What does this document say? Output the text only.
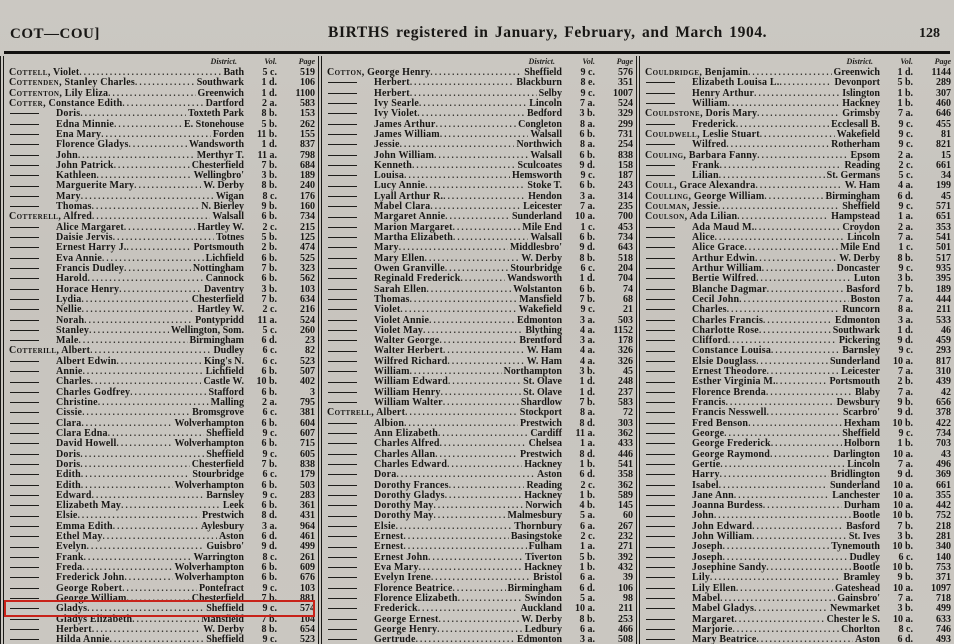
COT—COU]	BIRTHS registered in January, February, and March 1904.	128
District.	Vol.	Page
Cottell, Violet .....	Bath	5 c.	519
Cottenden, Stanley Charles .....	Southwark	1 d.	106
Cottenton, Lily Eliza .....	Greenwich	1 d.	1100
Cotter, Constance Edith .....	Dartford	2 a.	583
Doris .....	Toxteth Park	8 b.	153
Edna Minnie .....	E. Stonehouse	5 b.	262
Ena Mary .....	Forden	11 b.	155
Florence Gladys .....	Wandsworth	1 d.	837
John .....	Merthyr T.	11 a.	798
John Patrick .....	Chesterfield	7 b.	684
Kathleen .....	Wellingbro'	3 b.	189
Marguerite Mary .....	W. Derby	8 b.	240
Mary .....	Wigan	8 c.	176
Thomas .....	N. Bierley	9 b.	160
Cotterell, Alfred .....	Walsall	6 b.	734
Alice Margaret .....	Hartley W.	2 c.	215
Daisie Jervis .....	Totnes	5 b.	125
Ernest Harry J. .....	Portsmouth	2 b.	474
Eva Annie .....	Lichfield	6 b.	525
Francis Dudley .....	Nottingham	7 b.	323
Harold .....	Cannock	6 b.	562
Horace Henry .....	Daventry	3 b.	103
Lydia .....	Chesterfield	7 b.	634
Nellie .....	Hartley W.	2 c.	216
Norah .....	Pontypridd	11 a.	524
Stanley .....	Wellington, Som.	5 c.	260
Male .....	Birmingham	6 d.	23
Cotterill, Albert .....	Dudley	6 c.	82
Albert Edwin .....	King's N.	6 c.	523
Annie .....	Lichfield	6 b.	507
Charles .....	Castle W.	10 b.	402
Charles Godfrey .....	Stafford	6 b.	3
Christine .....	Malling	2 a.	795
Cissie .....	Bromsgrove	6 c.	381
Clara .....	Wolverhampton	6 b.	604
Clara Edna .....	Sheffield	9 c.	607
David Howell .....	Wolverhampton	6 b.	715
Doris .....	Sheffield	9 c.	605
Doris .....	Chesterfield	7 b.	838
Edith .....	Stourbridge	6 c.	179
Edith .....	Wolverhampton	6 b.	503
Edward .....	Barnsley	9 c.	283
Elizabeth May .....	Leek	6 b.	361
Elsie .....	Prestwich	8 d.	431
Emma Edith .....	Aylesbury	3 a.	964
Ethel May .....	Aston	6 d.	461
Evelyn .....	Guisbro'	9 d.	499
Frank .....	Warrington	8 c.	261
Freda .....	Wolverhampton	6 b.	609
Frederick John .....	Wolverhampton	6 b.	676
George Robert .....	Pontefract	9 c.	103
George William .....	Chesterfield	7 b.	881
Gladys .....	Sheffield	9 c.	574
Gladys Elizabeth .....	Mansfield	7 b.	104
Herbert .....	W. Derby	8 b.	654
Hilda Annie .....	Sheffield	9 c.	523
District.	Vol.	Page
Cotton, George Henry .....	Sheffield	9 c.	576
Herbert .....	Blackburn	8 e.	351
Herbert .....	Selby	9 c.	1007
Ivy Searle .....	Lincoln	7 a.	524
Ivy Violet .....	Bedford	3 b.	329
James Arthur .....	Congleton	8 a.	299
James William .....	Walsall	6 b.	731
Jessie .....	Northwich	8 a.	254
John William .....	Walsall	6 b.	838
Kenneth .....	Sculcoates	9 d.	158
Louisa .....	Hemsworth	9 c.	187
Lucy Annie .....	Stoke T.	6 b.	243
Lyall Arthur R. .....	Hendon	3 a.	314
Mabel Clara .....	Leicester	7 a.	235
Margaret Annie .....	Sunderland	10 a.	700
Marion Margaret .....	Mile End	1 c.	453
Martha Elizabeth .....	Walsall	6 b.	734
Mary .....	Middlesbro'	9 d.	643
Mary Ellen .....	W. Derby	8 b.	518
Owen Granville .....	Stourbridge	6 c.	204
Reginald Frederick .....	Wandsworth	1 d.	704
Sarah Ellen .....	Wolstanton	6 b.	74
Thomas .....	Mansfield	7 b.	68
Violet .....	Wakefield	9 c.	21
Violet Annie .....	Edmonton	3 a.	503
Violet May .....	Blything	4 a.	1152
Walter George .....	Brentford	3 a.	178
Walter Herbert .....	W. Ham	4 a.	326
Wilfred Richard .....	W. Ham	4 a.	326
William .....	Northampton	3 b.	45
William Edward .....	St. Olave	1 d.	248
William Henry .....	St. Olave	1 d.	237
William Walter .....	Shardlow	7 b.	583
Cottrell, Albert .....	Stockport	8 a.	72
Albion .....	Prestwich	8 d.	303
Ann Elizabeth .....	Cardiff	11 a.	362
Charles Alfred .....	Chelsea	1 a.	433
Charles Allan .....	Prestwich	8 d.	446
Charles Edward .....	Hackney	1 b.	541
Dora .....	Aston	6 d.	358
Dorothy Frances .....	Reading	2 c.	362
Dorothy Gladys .....	Hackney	1 b.	589
Dorothy May .....	Norwich	4 b.	145
Dorothy May .....	Malmesbury	5 a.	60
Elsie .....	Thornbury	6 a.	267
Ernest .....	Basingstoke	2 c.	232
Ernest .....	Fulham	1 a.	271
Ernest John .....	Tiverton	5 b.	392
Eva Mary .....	Hackney	1 b.	432
Evelyn Irene .....	Bristol	6 a.	39
Florence Beatrice .....	Birmingham	6 d.	106
Florence Elizabeth .....	Swindon	5 a.	98
Frederick .....	Auckland	10 a.	211
George Ernest .....	W. Derby	8 b.	253
George Henry .....	Ledbury	6 a.	466
Gertrude .....	Edmonton	3 a.	508
District.	Vol.	Page
Couldridge, Benjamin .....	Greenwich	1 d.	1144
Elizabeth Louisa L. .....	Devonport	5 b.	289
Henry Arthur .....	Islington	1 b.	307
William .....	Hackney	1 b.	460
Couldstone, Doris Mary .....	Grimsby	7 a.	646
Frederick .....	Ecclesall B.	9 c.	455
Couldwell, Leslie Stuart .....	Wakefield	9 c.	81
Wilfred .....	Rotherham	9 c.	821
Couling, Barbara Fanny .....	Epsom	2 a.	15
Frank .....	Reading	2 c.	661
Lilian .....	St. Germans	5 c.	34
Coull, Grace Alexandra .....	W. Ham	4 a.	199
Coulling, George William .....	Birmingham	6 d.	45
Coulman, Jessie .....	Sheffield	9 c.	571
Coulson, Ada Lilian .....	Hampstead	1 a.	651
Ada Maud M. .....	Croydon	2 a.	353
Alice .....	Lincoln	7 a.	541
Alice Grace .....	Mile End	1 c.	501
Arthur Edwin .....	W. Derby	8 b.	517
Arthur William .....	Doncaster	9 c.	935
Bertie Wilfred .....	Luton	3 b.	395
Blanche Dagmar .....	Basford	7 b.	189
Cecil John .....	Boston	7 a.	444
Charles .....	Runcorn	8 a.	211
Charles Francis .....	Edmonton	3 a.	533
Charlotte Rose .....	Southwark	1 d.	46
Clifford .....	Pickering	9 d.	459
Constance Louisa .....	Barnsley	9 c.	293
Elsie Douglass .....	Sunderland	10 a.	817
Ernest Theodore .....	Leicester	7 a.	310
Esther Virginia M. .....	Portsmouth	2 b.	439
Florence Brenda .....	Blaby	7 a.	42
Francis .....	Dewsbury	9 b.	656
Francis Nesswell .....	Scarbro'	9 d.	378
Fred Benson .....	Hexham	10 b.	422
George .....	Sheffield	9 c.	734
George Frederick .....	Holborn	1 b.	703
George Raymond .....	Darlington	10 a.	43
Gertie .....	Lincoln	7 a.	496
Harry .....	Bridlington	9 d.	369
Isabel .....	Sunderland	10 a.	661
Jane Ann .....	Lanchester	10 a.	355
Joanna Burdess .....	Durham	10 a.	442
John .....	Bootle	10 b.	752
John Edward .....	Basford	7 b.	218
John William .....	St. Ives	3 b.	281
Joseph .....	Tynemouth	10 b.	340
Joseph .....	Dudley	6 c.	140
Josephine Sandy .....	Bootle	10 b.	753
Lily .....	Bramley	9 b.	371
Lily Ellen .....	Gateshead	10 a.	1097
Mabel .....	Gainsbro'	7 a.	718
Mabel Gladys .....	Newmarket	3 b.	499
Margaret .....	Chester le S.	10 a.	633
Marjorie .....	Chorlton	8 c.	746
Mary Beatrice .....	Aston	6 d.	493
